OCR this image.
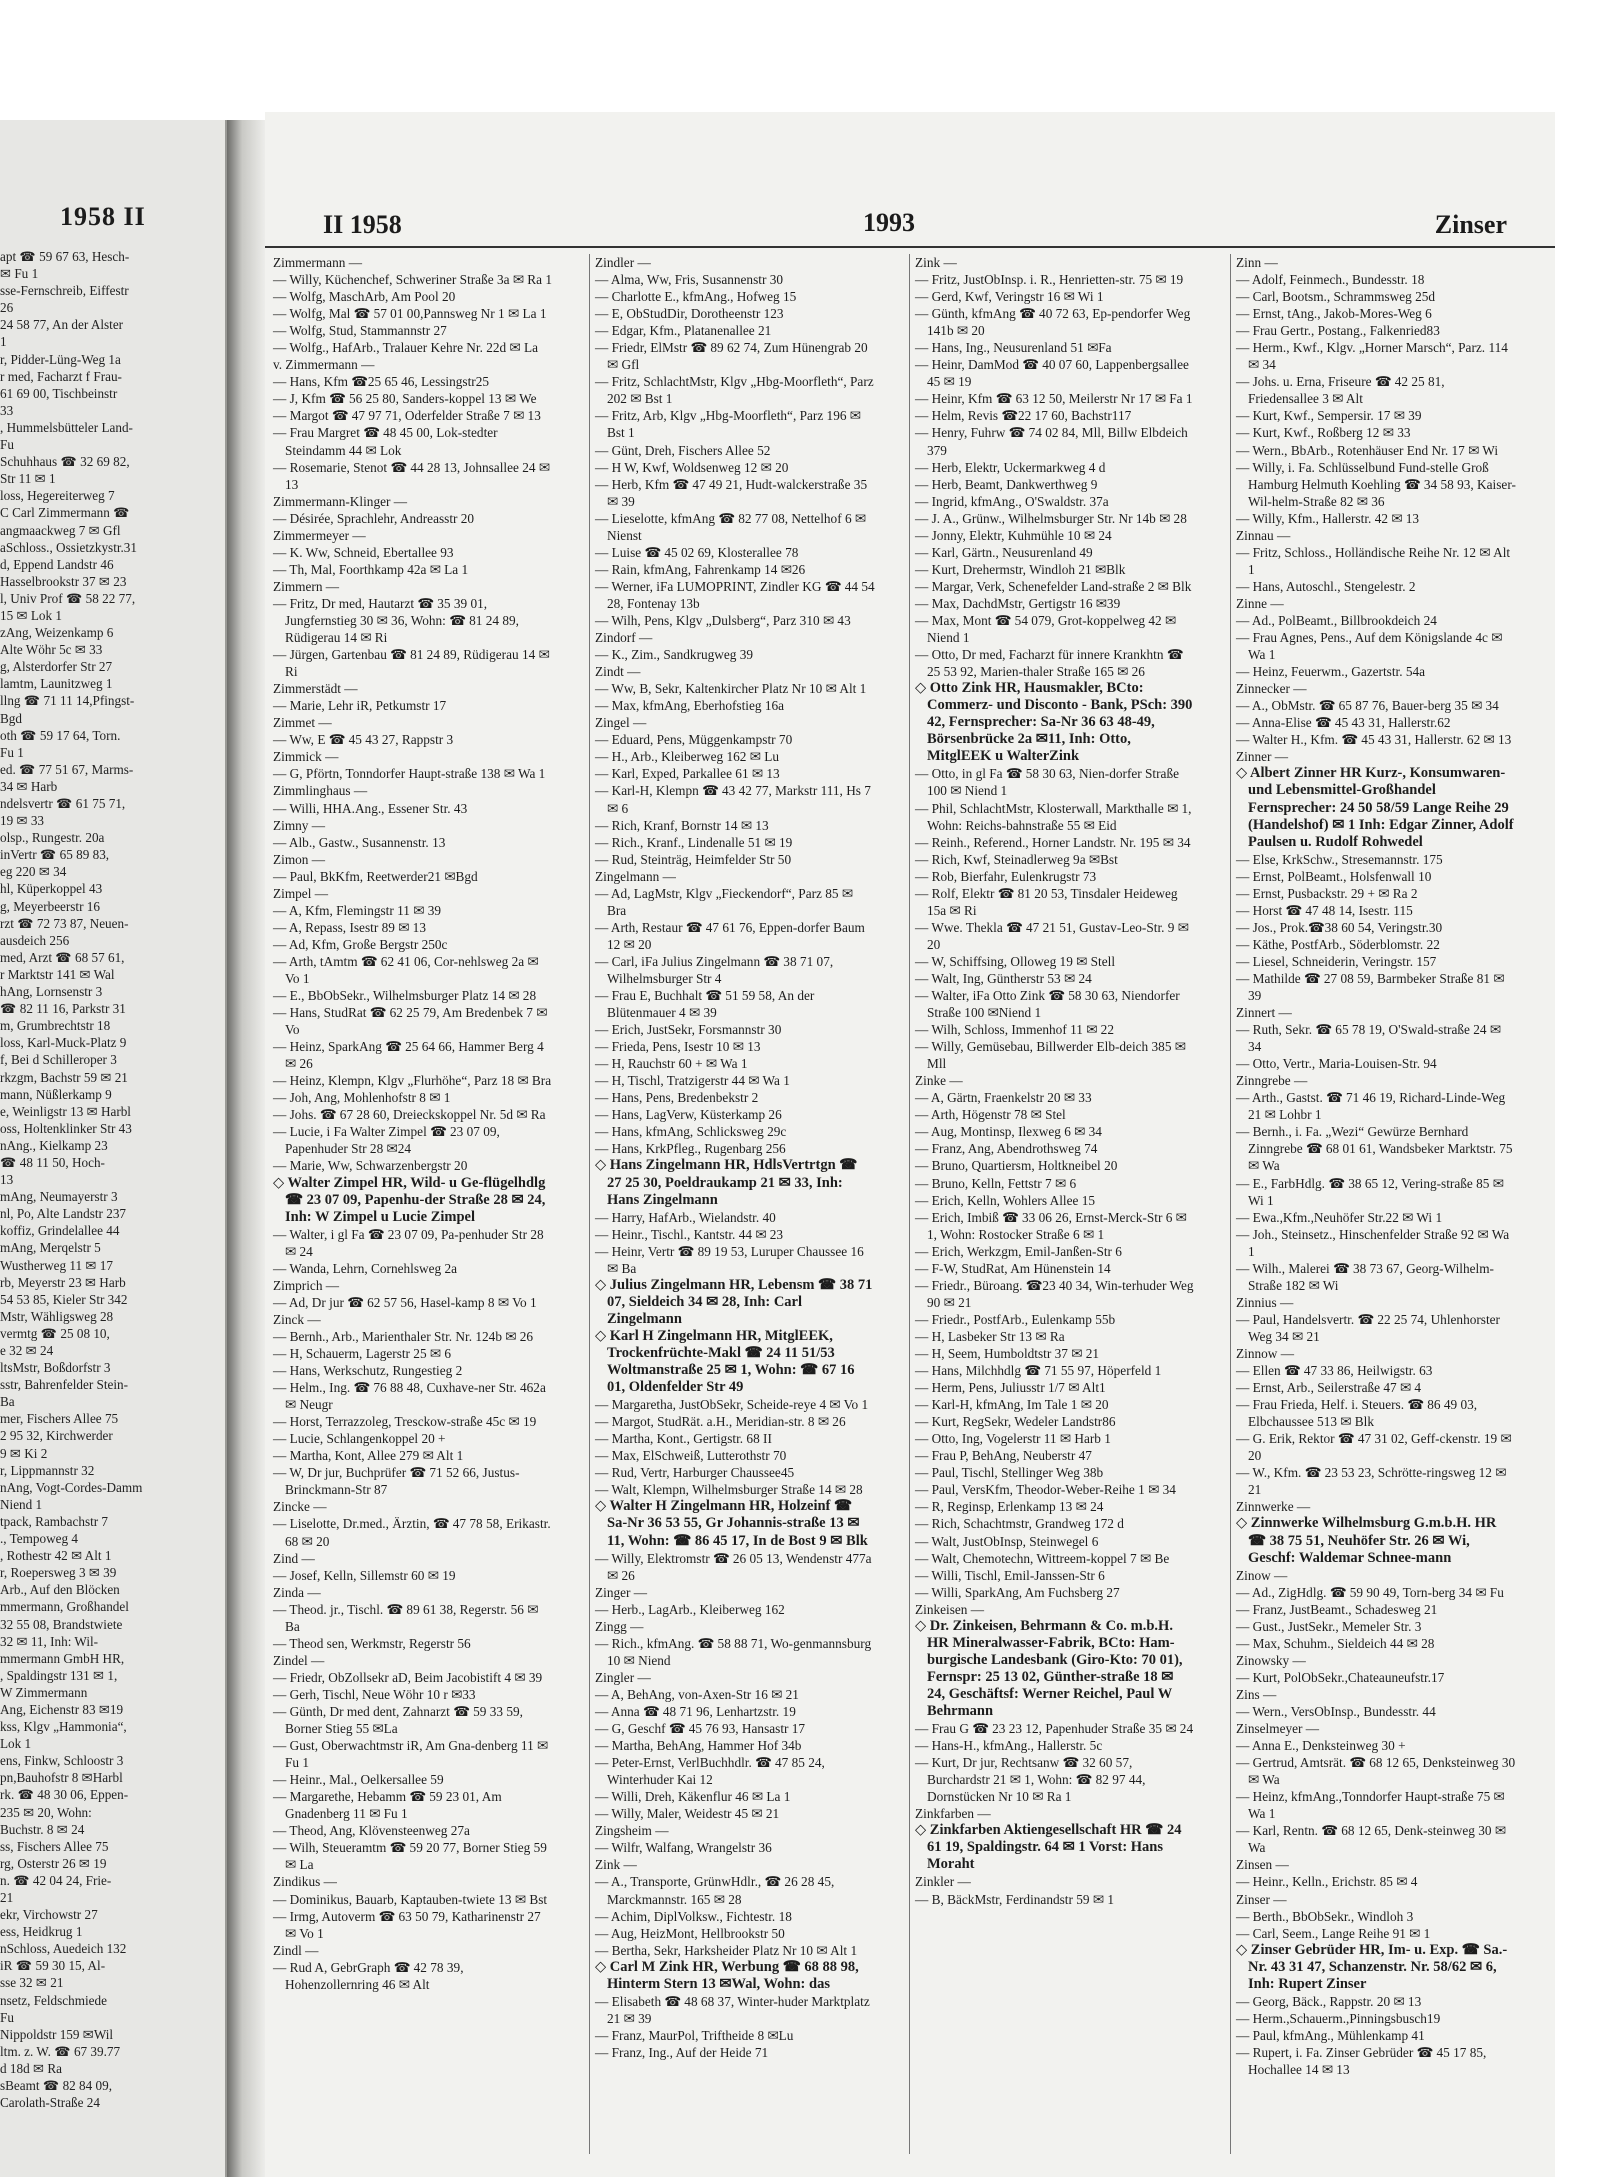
1958 II
apt ☎ 59 67 63, Hesch-
✉ Fu 1
sse-Fernschreib, Eiffestr
26
24 58 77, An der Alster
1
r, Pidder-Lüng-Weg 1a
r med, Facharzt f Frau-
61 69 00, Tischbeinstr
33
, Hummelsbütteler Land-
Fu
Schuhhaus ☎ 32 69 82,
Str 11 ✉ 1
loss, Hegereiterweg 7
C Carl Zimmermann ☎
angmaackweg 7 ✉ Gfl
aSchloss., Ossietzkystr.31
d, Eppend Landstr 46
Hasselbrookstr 37 ✉ 23
l, Univ Prof ☎ 58 22 77,
15 ✉ Lok 1
zAng, Weizenkamp 6
Alte Wöhr 5c ✉ 33
g, Alsterdorfer Str 27
lamtm, Launitzweg 1
llng ☎ 71 11 14,Pfingst-
Bgd
oth ☎ 59 17 64, Torn.
Fu 1
ed. ☎ 77 51 67, Marms-
34 ✉ Harb
ndelsvertr ☎ 61 75 71,
19 ✉ 33
olsp., Rungestr. 20a
inVertr ☎ 65 89 83,
eg 220 ✉ 34
hl, Küperkoppel 43
g, Meyerbeerstr 16
rzt ☎ 72 73 87, Neuen-
ausdeich 256
med, Arzt ☎ 68 57 61,
r Marktstr 141 ✉ Wal
hAng, Lornsenstr 3
☎ 82 11 16, Parkstr 31
m, Grumbrechtstr 18
loss, Karl-Muck-Platz 9
f, Bei d Schilleroper 3
rkzgm, Bachstr 59 ✉ 21
mann, Nüßlerkamp 9
e, Weinligstr 13 ✉ Harbl
oss, Holtenklinker Str 43
nAng., Kielkamp 23
☎ 48 11 50, Hoch-
13
mAng, Neumayerstr 3
nl, Po, Alte Landstr 237
koffiz, Grindelallee 44
mAng, Merqelstr 5
Wustherweg 11 ✉ 17
rb, Meyerstr 23 ✉ Harb
54 53 85, Kieler Str 342
Mstr, Wähligsweg 28
vermtg ☎ 25 08 10,
e 32 ✉ 24
ltsMstr, Boßdorfstr 3
sstr, Bahrenfelder Stein-
Ba
mer, Fischers Allee 75
2 95 32, Kirchwerder
9 ✉ Ki 2
r, Lippmannstr 32
nAng, Vogt-Cordes-Damm
Niend 1
tpack, Rambachstr 7
., Tempoweg 4
, Rothestr 42 ✉ Alt 1
r, Roepersweg 3 ✉ 39
Arb., Auf den Blöcken
mmermann, Großhandel
32 55 08, Brandstwiete
32 ✉ 11, Inh: Wil-
mmermann GmbH HR,
, Spaldingstr 131 ✉ 1,
W Zimmermann
Ang, Eichenstr 83 ✉19
kss, Klgv „Hammonia“,
Lok 1
ens, Finkw, Schloostr 3
pn,Bauhofstr 8 ✉Harbl
rk. ☎ 48 30 06, Eppen-
235 ✉ 20, Wohn:
Buchstr. 8 ✉ 24
ss, Fischers Allee 75
rg, Osterstr 26 ✉ 19
n. ☎ 42 04 24, Frie-
21
ekr, Virchowstr 27
ess, Heidkrug 1
nSchloss, Auedeich 132
iR ☎ 59 30 15, Al-
sse 32 ✉ 21
nsetz, Feldschmiede
Fu
Nippoldstr 159 ✉Wil
ltm. z. W. ☎ 67 39.77
d 18d ✉ Ra
sBeamt ☎ 82 84 09,
Carolath-Straße 24
II 1958	1993	Zinser
Zimmermann —
— Willy, Küchenchef, Schweriner Straße 3a ✉ Ra 1
— Wolfg, MaschArb, Am Pool 20
— Wolfg, Mal ☎ 57 01 00,Pannsweg Nr 1 ✉ La 1
— Wolfg, Stud, Stammannstr 27
— Wolfg., HafArb., Tralauer Kehre Nr. 22d ✉ La
v. Zimmermann —
— Hans, Kfm ☎25 65 46, Lessingstr25
— J, Kfm ☎ 56 25 80, Sanders-koppel 13 ✉ We
— Margot ☎ 47 97 71, Oderfelder Straße 7 ✉ 13
— Frau Margret ☎ 48 45 00, Lok-stedter Steindamm 44 ✉ Lok
— Rosemarie, Stenot ☎ 44 28 13, Johnsallee 24 ✉ 13
Zimmermann-Klinger —
— Désirée, Sprachlehr, Andreasstr 20
Zimmermeyer —
— K. Ww, Schneid, Ebertallee 93
— Th, Mal, Foorthkamp 42a ✉ La 1
Zimmern —
— Fritz, Dr med, Hautarzt ☎ 35 39 01, Jungfernstieg 30 ✉ 36, Wohn: ☎ 81 24 89, Rüdigerau 14 ✉ Ri
— Jürgen, Gartenbau ☎ 81 24 89, Rüdigerau 14 ✉ Ri
Zimmerstädt —
— Marie, Lehr iR, Petkumstr 17
Zimmet —
— Ww, E ☎ 45 43 27, Rappstr 3
Zimmick —
— G, Pförtn, Tonndorfer Haupt-straße 138 ✉ Wa 1
Zimmlinghaus —
— Willi, HHA.Ang., Essener Str. 43
Zimny —
— Alb., Gastw., Susannenstr. 13
Zimon —
— Paul, BkKfm, Reetwerder21 ✉Bgd
Zimpel —
— A, Kfm, Flemingstr 11 ✉ 39
— A, Repass, Isestr 89 ✉ 13
— Ad, Kfm, Große Bergstr 250c
— Arth, tAmtm ☎ 62 41 06, Cor-nehlsweg 2a ✉ Vo 1
— E., BbObSekr., Wilhelmsburger Platz 14 ✉ 28
— Hans, StudRat ☎ 62 25 79, Am Bredenbek 7 ✉ Vo
— Heinz, SparkAng ☎ 25 64 66, Hammer Berg 4 ✉ 26
— Heinz, Klempn, Klgv „Flurhöhe“, Parz 18 ✉ Bra
— Joh, Ang, Mohlenhofstr 8 ✉ 1
— Johs. ☎ 67 28 60, Dreieckskoppel Nr. 5d ✉ Ra
— Lucie, i Fa Walter Zimpel ☎ 23 07 09, Papenhuder Str 28 ✉24
— Marie, Ww, Schwarzenbergstr 20
◇ Walter Zimpel HR, Wild- u Ge-flügelhdlg ☎ 23 07 09, Papenhu-der Straße 28 ✉ 24, Inh: W Zimpel u Lucie Zimpel
— Walter, i gl Fa ☎ 23 07 09, Pa-penhuder Str 28 ✉ 24
— Wanda, Lehrn, Cornehlsweg 2a
Zimprich —
— Ad, Dr jur ☎ 62 57 56, Hasel-kamp 8 ✉ Vo 1
Zinck —
— Bernh., Arb., Marienthaler Str. Nr. 124b ✉ 26
— H, Schauerm, Lagerstr 25 ✉ 6
— Hans, Werkschutz, Rungestieg 2
— Helm., Ing. ☎ 76 88 48, Cuxhave-ner Str. 462a ✉ Neugr
— Horst, Terrazzoleg, Tresckow-straße 45c ✉ 19
— Lucie, Schlangenkoppel 20 +
— Martha, Kont, Allee 279 ✉ Alt 1
— W, Dr jur, Buchprüfer ☎ 71 52 66, Justus-Brinckmann-Str 87
Zincke —
— Liselotte, Dr.med., Ärztin, ☎ 47 78 58, Erikastr. 68 ✉ 20
Zind —
— Josef, Kelln, Sillemstr 60 ✉ 19
Zinda —
— Theod. jr., Tischl. ☎ 89 61 38, Regerstr. 56 ✉ Ba
— Theod sen, Werkmstr, Regerstr 56
Zindel —
— Friedr, ObZollsekr aD, Beim Jacobistift 4 ✉ 39
— Gerh, Tischl, Neue Wöhr 10 r ✉33
— Günth, Dr med dent, Zahnarzt ☎ 59 33 59, Borner Stieg 55 ✉La
— Gust, Oberwachtmstr iR, Am Gna-denberg 11 ✉ Fu 1
— Heinr., Mal., Oelkersallee 59
— Margarethe, Hebamm ☎ 59 23 01, Am Gnadenberg 11 ✉ Fu 1
— Theod, Ang, Klövensteenweg 27a
— Wilh, Steueramtm ☎ 59 20 77, Borner Stieg 59 ✉ La
Zindikus —
— Dominikus, Bauarb, Kaptauben-twiete 13 ✉ Bst
— Irmg, Autoverm ☎ 63 50 79, Katharinenstr 27 ✉ Vo 1
Zindl —
— Rud A, GebrGraph ☎ 42 78 39, Hohenzollernring 46 ✉ Alt
Zindler —
— Alma, Ww, Fris, Susannenstr 30
— Charlotte E., kfmAng., Hofweg 15
— E, ObStudDir, Dorotheenstr 123
— Edgar, Kfm., Platanenallee 21
— Friedr, ElMstr ☎ 89 62 74, Zum Hünengrab 20 ✉ Gfl
— Fritz, SchlachtMstr, Klgv „Hbg-Moorfleth“, Parz 202 ✉ Bst 1
— Fritz, Arb, Klgv „Hbg-Moorfleth“, Parz 196 ✉ Bst 1
— Günt, Dreh, Fischers Allee 52
— H W, Kwf, Woldsenweg 12 ✉ 20
— Herb, Kfm ☎ 47 49 21, Hudt-walckerstraße 35 ✉ 39
— Lieselotte, kfmAng ☎ 82 77 08, Nettelhof 6 ✉ Nienst
— Luise ☎ 45 02 69, Klosterallee 78
— Rain, kfmAng, Fahrenkamp 14 ✉26
— Werner, iFa LUMOPRINT, Zindler KG ☎ 44 54 28, Fontenay 13b
— Wilh, Pens, Klgv „Dulsberg“, Parz 310 ✉ 43
Zindorf —
— K., Zim., Sandkrugweg 39
Zindt —
— Ww, B, Sekr, Kaltenkircher Platz Nr 10 ✉ Alt 1
— Max, kfmAng, Eberhofstieg 16a
Zingel —
— Eduard, Pens, Müggenkampstr 70
— H., Arb., Kleiberweg 162 ✉ Lu
— Karl, Exped, Parkallee 61 ✉ 13
— Karl-H, Klempn ☎ 43 42 77, Markstr 111, Hs 7 ✉ 6
— Rich, Kranf, Bornstr 14 ✉ 13
— Rich., Kranf., Lindenalle 51 ✉ 19
— Rud, Steinträg, Heimfelder Str 50
Zingelmann —
— Ad, LagMstr, Klgv „Fieckendorf“, Parz 85 ✉ Bra
— Arth, Restaur ☎ 47 61 76, Eppen-dorfer Baum 12 ✉ 20
— Carl, iFa Julius Zingelmann ☎ 38 71 07, Wilhelmsburger Str 4
— Frau E, Buchhalt ☎ 51 59 58, An der Blütenmauer 4 ✉ 39
— Erich, JustSekr, Forsmannstr 30
— Frieda, Pens, Isestr 10 ✉ 13
— H, Rauchstr 60 + ✉ Wa 1
— H, Tischl, Tratzigerstr 44 ✉ Wa 1
— Hans, Pens, Bredenbekstr 2
— Hans, LagVerw, Küsterkamp 26
— Hans, kfmAng, Schlicksweg 29c
— Hans, KrkPfleg., Rugenbarg 256
◇ Hans Zingelmann HR, HdlsVertrtgn ☎ 27 25 30, Poeldraukamp 21 ✉ 33, Inh: Hans Zingelmann
— Harry, HafArb., Wielandstr. 40
— Heinr., Tischl., Kantstr. 44 ✉ 23
— Heinr, Vertr ☎ 89 19 53, Luruper Chaussee 16 ✉ Ba
◇ Julius Zingelmann HR, Lebensm ☎ 38 71 07, Sieldeich 34 ✉ 28, Inh: Carl Zingelmann
◇ Karl H Zingelmann HR, MitglEEK, Trockenfrüchte-Makl ☎ 24 11 51/53 Woltmanstraße 25 ✉ 1, Wohn: ☎ 67 16 01, Oldenfelder Str 49
— Margaretha, JustObSekr, Scheide-reye 4 ✉ Vo 1
— Margot, StudRät. a.H., Meridian-str. 8 ✉ 26
— Martha, Kont., Gertigstr. 68 II
— Max, ElSchweiß, Lutterothstr 70
— Rud, Vertr, Harburger Chaussee45
— Walt, Klempn, Wilhelmsburger Straße 14 ✉ 28
◇ Walter H Zingelmann HR, Holzeinf ☎ Sa-Nr 36 53 55, Gr Johannis-straße 13 ✉11, Wohn: ☎ 86 45 17, In de Bost 9 ✉ Blk
— Willy, Elektromstr ☎ 26 05 13, Wendenstr 477a ✉ 26
Zinger —
— Herb., LagArb., Kleiberweg 162
Zingg —
— Rich., kfmAng. ☎ 58 88 71, Wo-genmannsburg 10 ✉ Niend
Zingler —
— A, BehAng, von-Axen-Str 16 ✉ 21
— Anna ☎ 48 71 96, Lenhartzstr. 19
— G, Geschf ☎ 45 76 93, Hansastr 17
— Martha, BehAng, Hammer Hof 34b
— Peter-Ernst, VerlBuchhdlr. ☎ 47 85 24, Winterhuder Kai 12
— Willi, Dreh, Käkenflur 46 ✉ La 1
— Willy, Maler, Weidestr 45 ✉ 21
Zingsheim —
— Wilfr, Walfang, Wrangelstr 36
Zink —
— A., Transporte, GrünwHdlr., ☎ 26 28 45, Marckmannstr. 165 ✉ 28
— Achim, DiplVolksw., Fichtestr. 18
— Aug, HeizMont, Hellbrookstr 50
— Bertha, Sekr, Harksheider Platz Nr 10 ✉ Alt 1
◇ Carl M Zink HR, Werbung ☎ 68 88 98, Hinterm Stern 13 ✉Wal, Wohn: das
— Elisabeth ☎ 48 68 37, Winter-huder Marktplatz 21 ✉ 39
— Franz, MaurPol, Triftheide 8 ✉Lu
— Franz, Ing., Auf der Heide 71
Zink —
— Fritz, JustObInsp. i. R., Henrietten-str. 75 ✉ 19
— Gerd, Kwf, Veringstr 16 ✉ Wi 1
— Günth, kfmAng ☎ 40 72 63, Ep-pendorfer Weg 141b ✉ 20
— Hans, Ing., Neusurenland 51 ✉Fa
— Heinr, DamMod ☎ 40 07 60, Lappenbergsallee 45 ✉ 19
— Heinr, Kfm ☎ 63 12 50, Meilerstr Nr 17 ✉ Fa 1
— Helm, Revis ☎22 17 60, Bachstr117
— Henry, Fuhrw ☎ 74 02 84, Mll, Billw Elbdeich 379
— Herb, Elektr, Uckermarkweg 4 d
— Herb, Beamt, Dankwerthweg 9
— Ingrid, kfmAng., O'Swaldstr. 37a
— J. A., Grünw., Wilhelmsburger Str. Nr 14b ✉ 28
— Jonny, Elektr, Kuhmühle 10 ✉ 24
— Karl, Gärtn., Neusurenland 49
— Kurt, Drehermstr, Windloh 21 ✉Blk
— Margar, Verk, Schenefelder Land-straße 2 ✉ Blk
— Max, DachdMstr, Gertigstr 16 ✉39
— Max, Mont ☎ 54 079, Grot-koppelweg 42 ✉ Niend 1
— Otto, Dr med, Facharzt für innere Krankhtn ☎ 25 53 92, Marien-thaler Straße 165 ✉ 26
◇ Otto Zink HR, Hausmakler, BCto: Commerz- und Disconto - Bank, PSch: 390 42, Fernsprecher: Sa-Nr 36 63 48-49, Börsenbrücke 2a ✉11, Inh: Otto, MitglEEK u WalterZink
— Otto, in gl Fa ☎ 58 30 63, Nien-dorfer Straße 100 ✉ Niend 1
— Phil, SchlachtMstr, Klosterwall, Markthalle ✉ 1, Wohn: Reichs-bahnstraße 55 ✉ Eid
— Reinh., Referend., Horner Landstr. Nr. 195 ✉ 34
— Rich, Kwf, Steinadlerweg 9a ✉Bst
— Rob, Bierfahr, Eulenkrugstr 73
— Rolf, Elektr ☎ 81 20 53, Tinsdaler Heideweg 15a ✉ Ri
— Wwe. Thekla ☎ 47 21 51, Gustav-Leo-Str. 9 ✉ 20
— W, Schiffsing, Olloweg 19 ✉ Stell
— Walt, Ing, Güntherstr 53 ✉ 24
— Walter, iFa Otto Zink ☎ 58 30 63, Niendorfer Straße 100 ✉Niend 1
— Wilh, Schloss, Immenhof 11 ✉ 22
— Willy, Gemüsebau, Billwerder Elb-deich 385 ✉ Mll
Zinke —
— A, Gärtn, Fraenkelstr 20 ✉ 33
— Arth, Högenstr 78 ✉ Stel
— Aug, Montinsp, Ilexweg 6 ✉ 34
— Franz, Ang, Abendrothsweg 74
— Bruno, Quartiersm, Holtkneibel 20
— Bruno, Kelln, Fettstr 7 ✉ 6
— Erich, Kelln, Wohlers Allee 15
— Erich, Imbiß ☎ 33 06 26, Ernst-Merck-Str 6 ✉ 1, Wohn: Rostocker Straße 6 ✉ 1
— Erich, Werkzgm, Emil-Janßen-Str 6
— F-W, StudRat, Am Hünenstein 14
— Friedr., Büroang. ☎23 40 34, Win-terhuder Weg 90 ✉ 21
— Friedr., PostfArb., Eulenkamp 55b
— H, Lasbeker Str 13 ✉ Ra
— H, Seem, Humboldtstr 37 ✉ 21
— Hans, Milchhdlg ☎ 71 55 97, Höperfeld 1
— Herm, Pens, Juliusstr 1/7 ✉ Alt1
— Karl-H, kfmAng, Im Tale 1 ✉ 20
— Kurt, RegSekr, Wedeler Landstr86
— Otto, Ing, Vogelerstr 11 ✉ Harb 1
— Frau P, BehAng, Neuberstr 47
— Paul, Tischl, Stellinger Weg 38b
— Paul, VersKfm, Theodor-Weber-Reihe 1 ✉ 34
— R, Reginsp, Erlenkamp 13 ✉ 24
— Rich, Schachtmstr, Grandweg 172 d
— Walt, JustObInsp, Steinwegel 6
— Walt, Chemotechn, Wittreem-koppel 7 ✉ Be
— Willi, Tischl, Emil-Janssen-Str 6
— Willi, SparkAng, Am Fuchsberg 27
Zinkeisen —
◇ Dr. Zinkeisen, Behrmann & Co. m.b.H. HR Mineralwasser-Fabrik, BCto: Ham-burgische Landesbank (Giro-Kto: 70 01), Fernspr: 25 13 02, Günther-straße 18 ✉ 24, Geschäftsf: Werner Reichel, Paul W Behrmann
— Frau G ☎ 23 23 12, Papenhuder Straße 35 ✉ 24
— Hans-H., kfmAng., Hallerstr. 5c
— Kurt, Dr jur, Rechtsanw ☎ 32 60 57, Burchardstr 21 ✉ 1, Wohn: ☎ 82 97 44, Dornstücken Nr 10 ✉ Ra 1
Zinkfarben —
◇ Zinkfarben Aktiengesellschaft HR ☎ 24 61 19, Spaldingstr. 64 ✉ 1 Vorst: Hans Moraht
Zinkler —
— B, BäckMstr, Ferdinandstr 59 ✉ 1
Zinn —
— Adolf, Feinmech., Bundesstr. 18
— Carl, Bootsm., Schrammsweg 25d
— Ernst, tAng., Jakob-Mores-Weg 6
— Frau Gertr., Postang., Falkenried83
— Herm., Kwf., Klgv. „Horner Marsch“, Parz. 114 ✉ 34
— Johs. u. Erna, Friseure ☎ 42 25 81, Friedensallee 3 ✉ Alt
— Kurt, Kwf., Sempersir. 17 ✉ 39
— Kurt, Kwf., Roßberg 12 ✉ 33
— Wern., BbArb., Rotenhäuser End Nr. 17 ✉ Wi
— Willy, i. Fa. Schlüsselbund Fund-stelle Groß Hamburg Helmuth Koehling ☎ 34 58 93, Kaiser-Wil-helm-Straße 82 ✉ 36
— Willy, Kfm., Hallerstr. 42 ✉ 13
Zinnau —
— Fritz, Schloss., Holländische Reihe Nr. 12 ✉ Alt 1
— Hans, Autoschl., Stengelestr. 2
Zinne —
— Ad., PolBeamt., Billbrookdeich 24
— Frau Agnes, Pens., Auf dem Königslande 4c ✉ Wa 1
— Heinz, Feuerwm., Gazertstr. 54a
Zinnecker —
— A., ObMstr. ☎ 65 87 76, Bauer-berg 35 ✉ 34
— Anna-Elise ☎ 45 43 31, Hallerstr.62
— Walter H., Kfm. ☎ 45 43 31, Hallerstr. 62 ✉ 13
Zinner —
◇ Albert Zinner HR Kurz-, Konsumwaren- und Lebensmittel-Großhandel Fernsprecher: 24 50 58/59 Lange Reihe 29 (Handelshof) ✉ 1 Inh: Edgar Zinner, Adolf Paulsen u. Rudolf Rohwedel
— Else, KrkSchw., Stresemannstr. 175
— Ernst, PolBeamt., Holsfenwall 10
— Ernst, Pusbackstr. 29 + ✉ Ra 2
— Horst ☎ 47 48 14, Isestr. 115
— Jos., Prok.☎38 60 54, Veringstr.30
— Käthe, PostfArb., Söderblomstr. 22
— Liesel, Schneiderin, Veringstr. 157
— Mathilde ☎ 27 08 59, Barmbeker Straße 81 ✉ 39
Zinnert —
— Ruth, Sekr. ☎ 65 78 19, O'Swald-straße 24 ✉ 34
— Otto, Vertr., Maria-Louisen-Str. 94
Zinngrebe —
— Arth., Gastst. ☎ 71 46 19, Richard-Linde-Weg 21 ✉ Lohbr 1
— Bernh., i. Fa. „Wezi“ Gewürze Bernhard Zinngrebe ☎ 68 01 61, Wandsbeker Marktstr. 75 ✉ Wa
— E., FarbHdlg. ☎ 38 65 12, Vering-straße 85 ✉ Wi 1
— Ewa.,Kfm.,Neuhöfer Str.22 ✉ Wi 1
— Joh., Steinsetz., Hinschenfelder Straße 92 ✉ Wa 1
— Wilh., Malerei ☎ 38 73 67, Georg-Wilhelm-Straße 182 ✉ Wi
Zinnius —
— Paul, Handelsvertr. ☎ 22 25 74, Uhlenhorster Weg 34 ✉ 21
Zinnow —
— Ellen ☎ 47 33 86, Heilwigstr. 63
— Ernst, Arb., Seilerstraße 47 ✉ 4
— Frau Frieda, Helf. i. Steuers. ☎ 86 49 03, Elbchaussee 513 ✉ Blk
— G. Erik, Rektor ☎ 47 31 02, Geff-ckenstr. 19 ✉ 20
— W., Kfm. ☎ 23 53 23, Schrötte-ringsweg 12 ✉ 21
Zinnwerke —
◇ Zinnwerke Wilhelmsburg G.m.b.H. HR ☎ 38 75 51, Neuhöfer Str. 26 ✉ Wi, Geschf: Waldemar Schnee-mann
Zinow —
— Ad., ZigHdlg. ☎ 59 90 49, Torn-berg 34 ✉ Fu
— Franz, JustBeamt., Schadesweg 21
— Gust., JustSekr., Memeler Str. 3
— Max, Schuhm., Sieldeich 44 ✉ 28
Zinowsky —
— Kurt, PolObSekr.,Chateauneufstr.17
Zins —
— Wern., VersObInsp., Bundesstr. 44
Zinselmeyer —
— Anna E., Denksteinweg 30 +
— Gertrud, Amtsrät. ☎ 68 12 65, Denksteinweg 30 ✉ Wa
— Heinz, kfmAng.,Tonndorfer Haupt-straße 75 ✉ Wa 1
— Karl, Rentn. ☎ 68 12 65, Denk-steinweg 30 ✉ Wa
Zinsen —
— Heinr., Kelln., Erichstr. 85 ✉ 4
Zinser —
— Berth., BbObSekr., Windloh 3
— Carl, Seem., Lange Reihe 91 ✉ 1
◇ Zinser Gebrüder HR, Im- u. Exp. ☎ Sa.-Nr. 43 31 47, Schanzenstr. Nr. 58/62 ✉ 6, Inh: Rupert Zinser
— Georg, Bäck., Rappstr. 20 ✉ 13
— Herm.,Schauerm.,Pinningsbusch19
— Paul, kfmAng., Mühlenkamp 41
— Rupert, i. Fa. Zinser Gebrüder ☎ 45 17 85, Hochallee 14 ✉ 13
